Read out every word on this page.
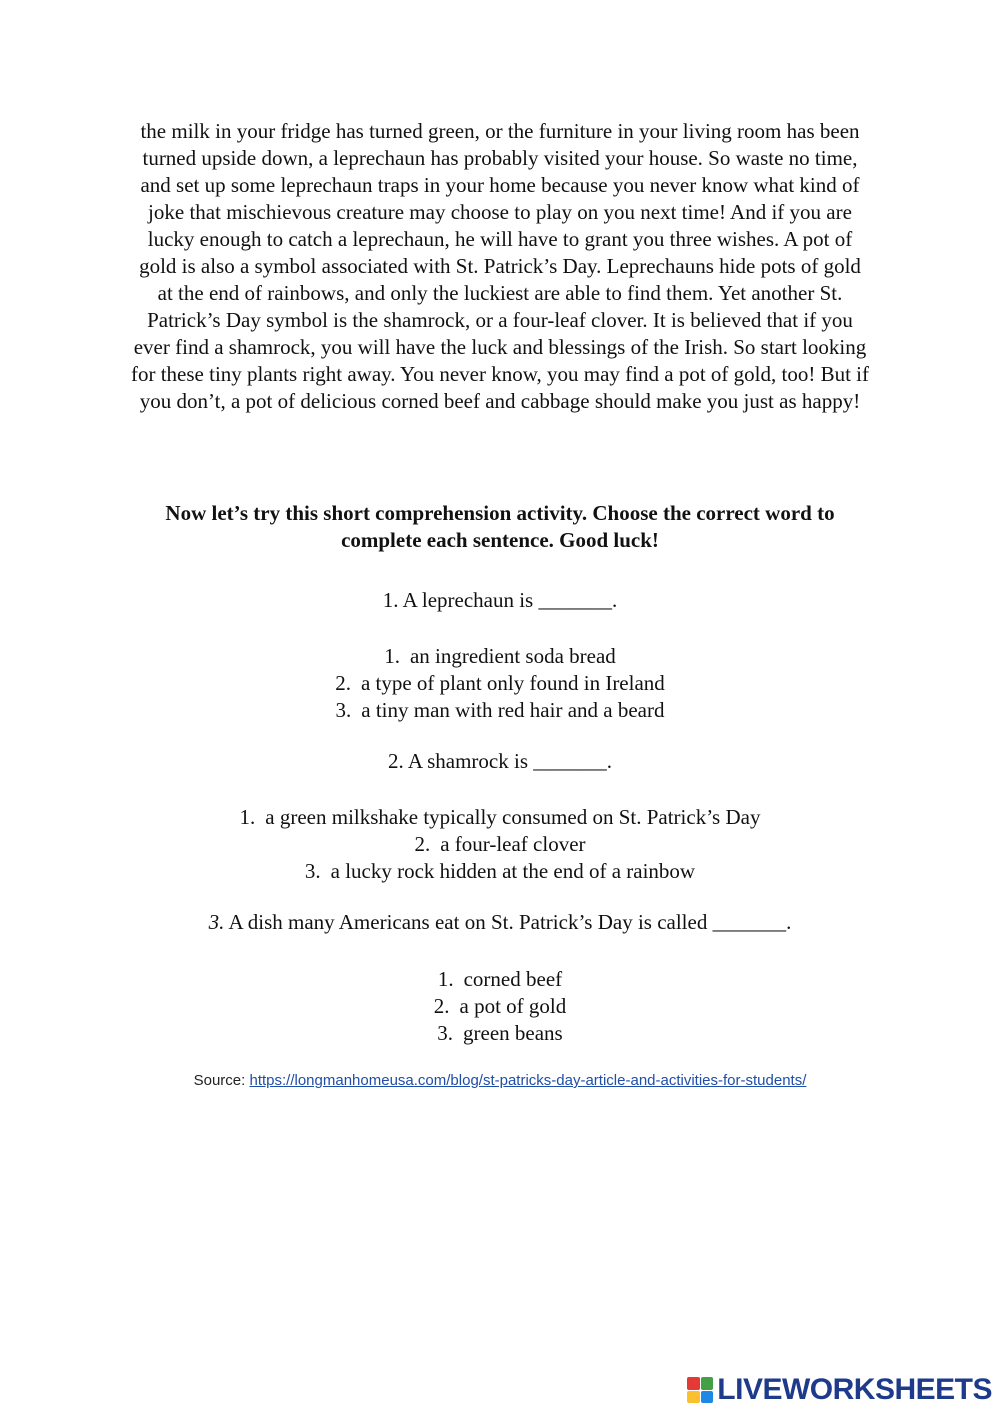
the milk in your fridge has turned green, or the furniture in your living room has been turned upside down, a leprechaun has probably visited your house. So waste no time, and set up some leprechaun traps in your home because you never know what kind of joke that mischievous creature may choose to play on you next time! And if you are lucky enough to catch a leprechaun, he will have to grant you three wishes. A pot of gold is also a symbol associated with St. Patrick’s Day. Leprechauns hide pots of gold at the end of rainbows, and only the luckiest are able to find them. Yet another St. Patrick’s Day symbol is the shamrock, or a four-leaf clover. It is believed that if you ever find a shamrock, you will have the luck and blessings of the Irish. So start looking for these tiny plants right away. You never know, you may find a pot of gold, too! But if you don’t, a pot of delicious corned beef and cabbage should make you just as happy!
Now let’s try this short comprehension activity. Choose the correct word to complete each sentence. Good luck!
1. A leprechaun is _______.
1. an ingredient soda bread
2. a type of plant only found in Ireland
3. a tiny man with red hair and a beard
2. A shamrock is _______.
1. a green milkshake typically consumed on St. Patrick’s Day
2. a four-leaf clover
3. a lucky rock hidden at the end of a rainbow
3. A dish many Americans eat on St. Patrick’s Day is called _______.
1. corned beef
2. a pot of gold
3. green beans
Source: https://longmanhomeusa.com/blog/st-patricks-day-article-and-activities-for-students/
LIVEWORKSHEETS
